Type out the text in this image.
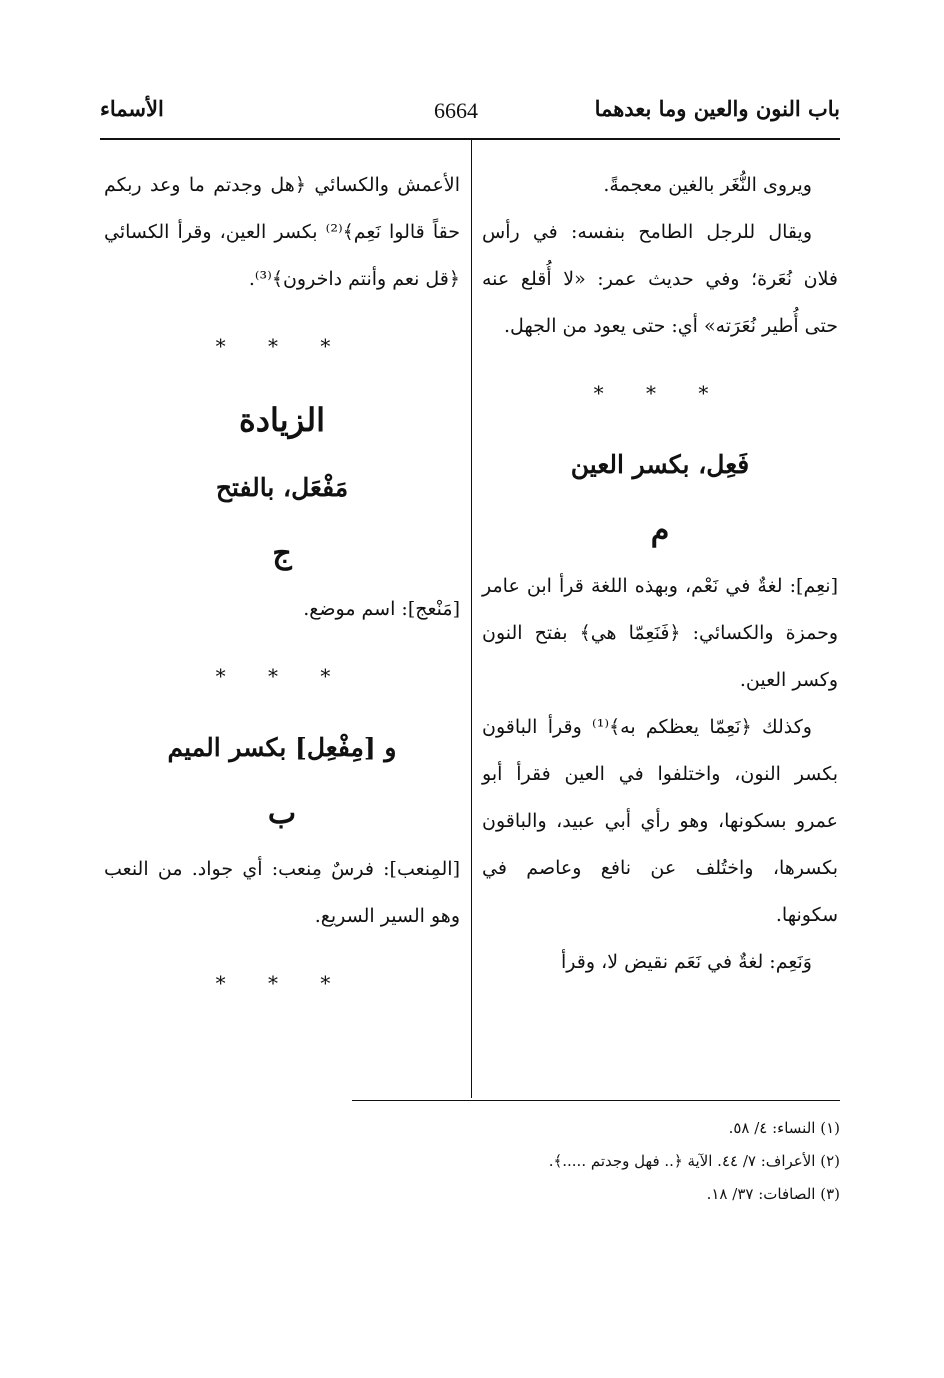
باب النون والعين وما بعدهما
6664
الأسماء

ويروى النُّغَر بالغين معجمةً.

ويقال للرجل الطامح بنفسه: في رأس فلان نُعَرة؛ وفي حديث عمر: «لا أُقلع عنه حتى أُطير نُعَرَته» أي: حتى يعود من الجهل.

* * *
فَعِل، بكسر العين
م

[نعِم]: لغةٌ في نَعْم، وبهذه اللغة قرأ ابن عامر وحمزة والكسائي: ﴿فَنَعِمّا هي﴾ بفتح النون وكسر العين.

وكذلك ﴿نَعِمّا يعظكم به﴾⁽¹⁾ وقرأ الباقون بكسر النون، واختلفوا في العين فقرأ أبو عمرو بسكونها، وهو رأي أبي عبيد، والباقون بكسرها، واختُلف عن نافع وعاصم في سكونها.

وَنَعِم: لغةٌ في نَعَم نقيض لا، وقرأ

الأعمش والكسائي ﴿هل وجدتم ما وعد ربكم حقاً قالوا نَعِم﴾⁽²⁾ بكسر العين، وقرأ الكسائي ﴿قل نعم وأنتم داخرون﴾⁽³⁾.

* * *
الزيادة
مَفْعَل، بالفتح
ج

[مَنْعج]: اسم موضع.

* * *
و [مِفْعِل] بكسر الميم
ب

[المِنعب]: فرسٌ مِنعب: أي جواد. من النعب وهو السير السريع.

* * *

(١) النساء: ٤/ ٥٨.

(٢) الأعراف: ٧/ ٤٤. الآية ﴿.. فهل وجدتم .....﴾.

(٣) الصافات: ٣٧/ ١٨.
